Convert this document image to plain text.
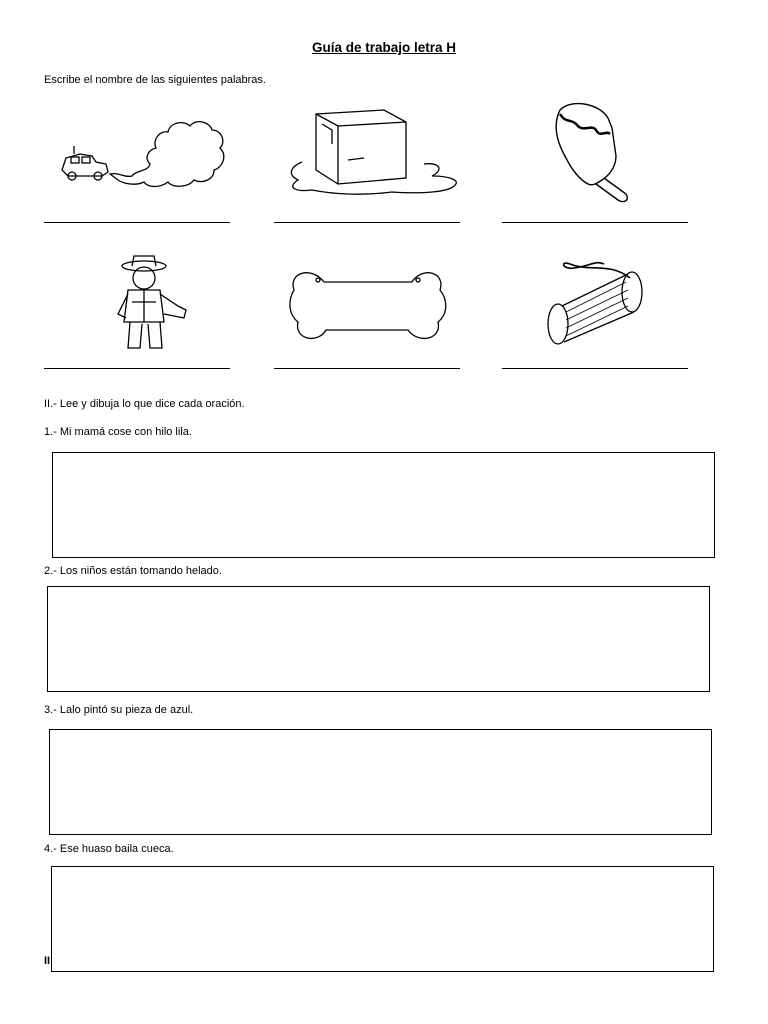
Guía de trabajo letra H
Escribe el nombre de las siguientes palabras.
II.- Lee y dibuja lo que dice cada oración.
1.- Mi mamá cose con hilo lila.
2.- Los niños están tomando helado.
3.- Lalo pintó su pieza de azul.
4.- Ese huaso baila cueca.
II
